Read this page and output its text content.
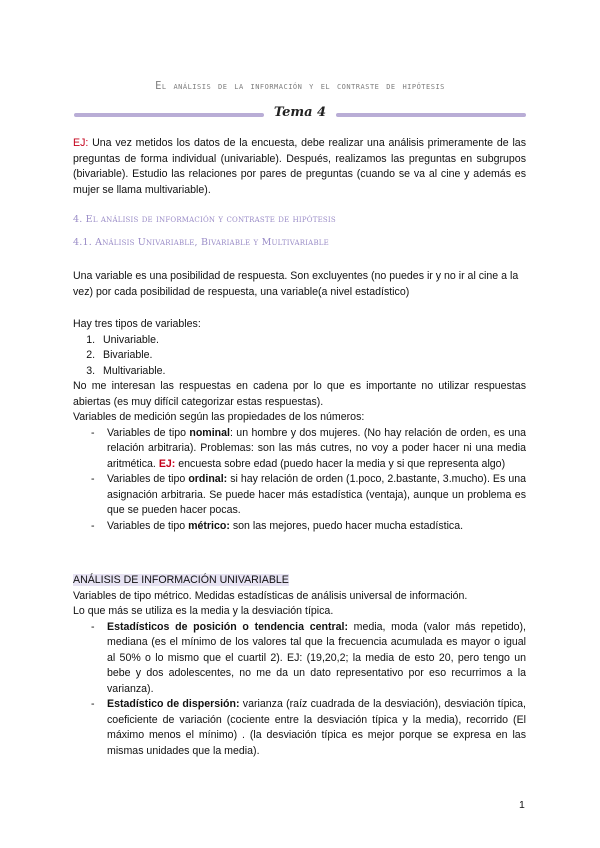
El análisis de la información y el contraste de hipótesis
Tema 4
EJ: Una vez metidos los datos de la encuesta, debe realizar una análisis primeramente de las preguntas de forma individual (univariable). Después, realizamos las preguntas en subgrupos (bivariable). Estudio las relaciones por pares de preguntas (cuando se va al cine y además es mujer se llama multivariable).
4. El análisis de información y contraste de hipótesis
4.1. Análisis Univariable, Bivariable y Multivariable
Una variable es una posibilidad de respuesta. Son excluyentes (no puedes ir y no ir al cine a la vez) por cada posibilidad de respuesta, una variable(a nivel estadístico)
Hay tres tipos de variables:
1. Univariable.
2. Bivariable.
3. Multivariable.
No me interesan las respuestas en cadena por lo que es importante no utilizar respuestas abiertas (es muy difícil categorizar estas respuestas).
Variables de medición según las propiedades de los números:
- Variables de tipo nominal: un hombre y dos mujeres. (No hay relación de orden, es una relación arbitraria). Problemas: son las más cutres, no voy a poder hacer ni una media aritmética. EJ: encuesta sobre edad (puedo hacer la media y si que representa algo)
- Variables de tipo ordinal: si hay relación de orden (1.poco, 2.bastante, 3.mucho). Es una asignación arbitraria. Se puede hacer más estadística (ventaja), aunque un problema es que se pueden hacer pocas.
- Variables de tipo métrico: son las mejores, puedo hacer mucha estadística.
ANÁLISIS DE INFORMACIÓN UNIVARIABLE
Variables de tipo métrico. Medidas estadísticas de análisis universal de información.
Lo que más se utiliza es la media y la desviación típica.
- Estadísticos de posición o tendencia central: media, moda (valor más repetido), mediana (es el mínimo de los valores tal que la frecuencia acumulada es mayor o igual al 50% o lo mismo que el cuartil 2). EJ: (19,20,2; la media de esto 20, pero tengo un bebe y dos adolescentes, no me da un dato representativo por eso recurrimos a la varianza).
- Estadístico de dispersión: varianza (raíz cuadrada de la desviación), desviación típica, coeficiente de variación (cociente entre la desviación típica y la media), recorrido (El máximo menos el mínimo) . (la desviación típica es mejor porque se expresa en las mismas unidades que la media).
1
